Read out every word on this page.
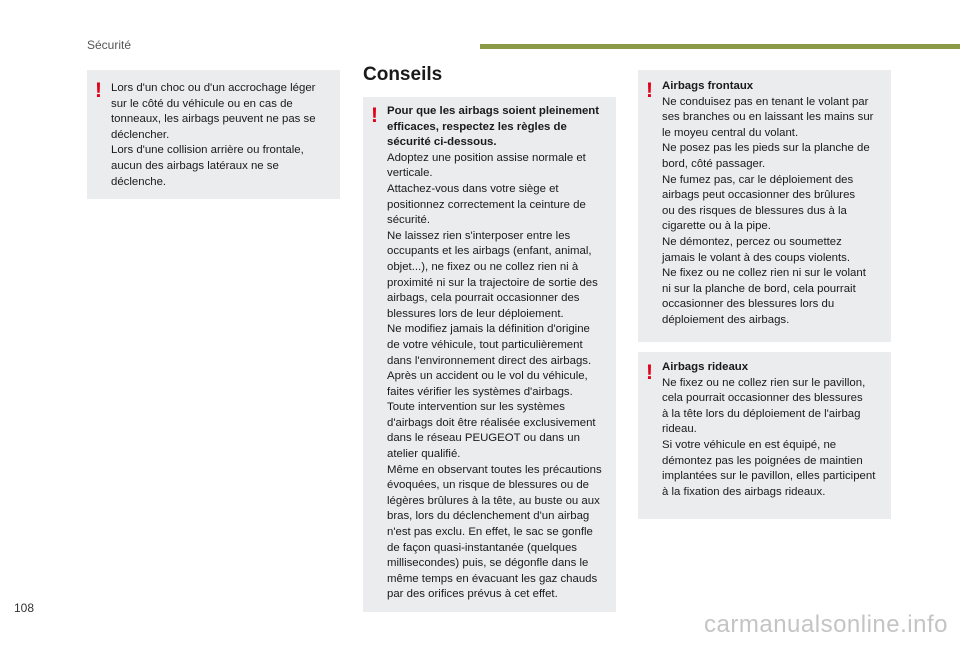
Sécurité
! Lors d'un choc ou d'un accrochage léger

sur le côté du véhicule ou en cas de

tonneaux, les airbags peuvent ne pas se

déclencher.

Lors d'une collision arrière ou frontale,

aucun des airbags latéraux ne se

déclenche.

Conseils
! Pour que les airbags soient pleinement

efficaces, respectez les règles de

sécurité ci-dessous.

Adoptez une position assise normale et

verticale.

Attachez-vous dans votre siège et

positionnez correctement la ceinture de

sécurité.

Ne laissez rien s'interposer entre les

occupants et les airbags (enfant, animal,

objet...), ne fixez ou ne collez rien ni à

proximité ni sur la trajectoire de sortie des

airbags, cela pourrait occasionner des

blessures lors de leur déploiement.

Ne modifiez jamais la définition d'origine

de votre véhicule, tout particulièrement

dans l'environnement direct des airbags.

Après un accident ou le vol du véhicule,

faites vérifier les systèmes d'airbags.

Toute intervention sur les systèmes

d'airbags doit être réalisée exclusivement

dans le réseau PEUGEOT ou dans un

atelier qualifié.

Même en observant toutes les précautions

évoquées, un risque de blessures ou de

légères brûlures à la tête, au buste ou aux

bras, lors du déclenchement d'un airbag

n'est pas exclu. En effet, le sac se gonfle

de façon quasi-instantanée (quelques

millisecondes) puis, se dégonfle dans le

même temps en évacuant les gaz chauds

par des orifices prévus à cet effet.

! Airbags frontaux

Ne conduisez pas en tenant le volant par

ses branches ou en laissant les mains sur

le moyeu central du volant.

Ne posez pas les pieds sur la planche de

bord, côté passager.

Ne fumez pas, car le déploiement des

airbags peut occasionner des brûlures

ou des risques de blessures dus à la

cigarette ou à la pipe.

Ne démontez, percez ou soumettez

jamais le volant à des coups violents.

Ne fixez ou ne collez rien ni sur le volant

ni sur la planche de bord, cela pourrait

occasionner des blessures lors du

déploiement des airbags.

! Airbags rideaux

Ne fixez ou ne collez rien sur le pavillon,

cela pourrait occasionner des blessures

à la tête lors du déploiement de l'airbag

rideau.

Si votre véhicule en est équipé, ne

démontez pas les poignées de maintien

implantées sur le pavillon, elles participent

à la fixation des airbags rideaux.

108
carmanualsonline.info
